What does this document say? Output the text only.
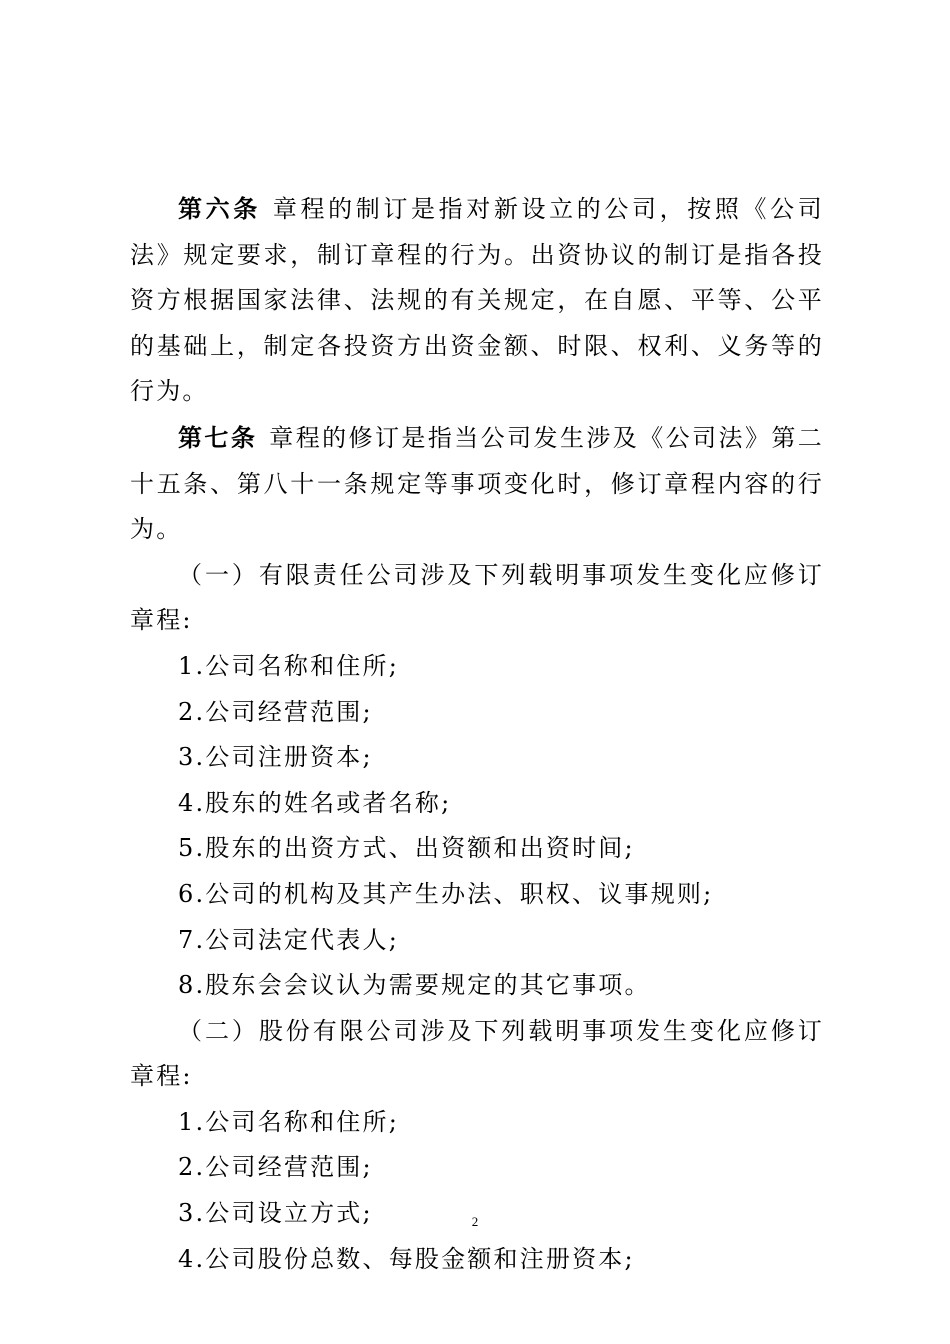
第六条 章程的制订是指对新设立的公司，按照《公司法》规定要求，制订章程的行为。出资协议的制订是指各投资方根据国家法律、法规的有关规定，在自愿、平等、公平的基础上，制定各投资方出资金额、时限、权利、义务等的行为。

第七条 章程的修订是指当公司发生涉及《公司法》第二十五条、第八十一条规定等事项变化时，修订章程内容的行为。

（一）有限责任公司涉及下列载明事项发生变化应修订章程:

1.公司名称和住所;

2.公司经营范围;

3.公司注册资本;

4.股东的姓名或者名称;

5.股东的出资方式、出资额和出资时间;

6.公司的机构及其产生办法、职权、议事规则;

7.公司法定代表人;

8.股东会会议认为需要规定的其它事项。

（二）股份有限公司涉及下列载明事项发生变化应修订章程:

1.公司名称和住所;

2.公司经营范围;

3.公司设立方式;

4.公司股份总数、每股金额和注册资本;

2
